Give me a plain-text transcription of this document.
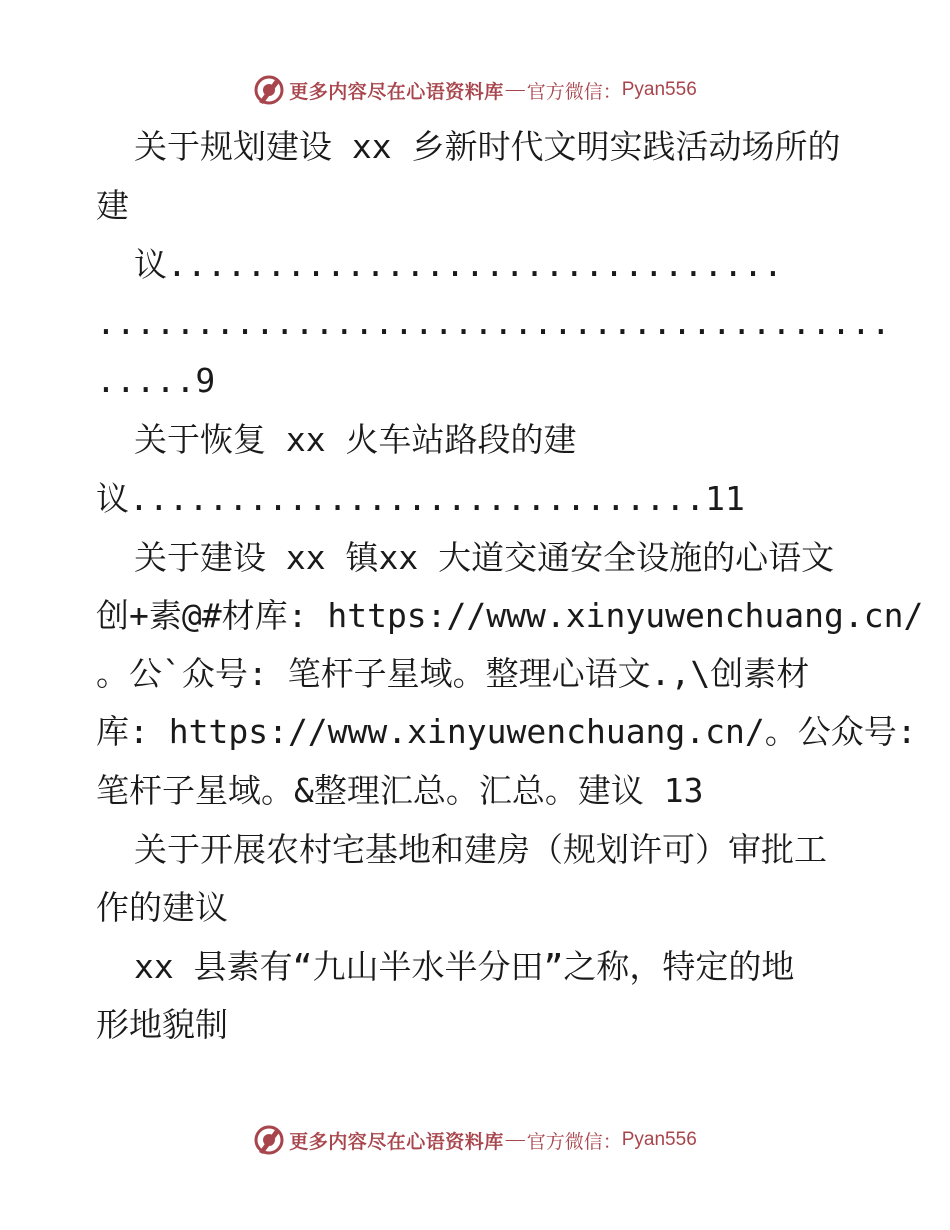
更多内容尽在心语资料库 — 官方微信： Pyan556
关于规划建设 xx 乡新时代文明实践活动场所的
建
议...............................
........................................
.....9
关于恢复 xx 火车站路段的建
议.............................11
关于建设 xx 镇xx 大道交通安全设施的心语文
创+素@#材库: https://www.xinyuwenchuang.cn/
。公`众号: 笔杆子星域。整理心语文.,\创素材
库: https://www.xinyuwenchuang.cn/。公众号:
笔杆子星域。&整理汇总。汇总。建议 13
关于开展农村宅基地和建房（规划许可）审批工
作的建议
xx 县素有“九山半水半分田”之称，特定的地
形地貌制
更多内容尽在心语资料库 — 官方微信： Pyan556
